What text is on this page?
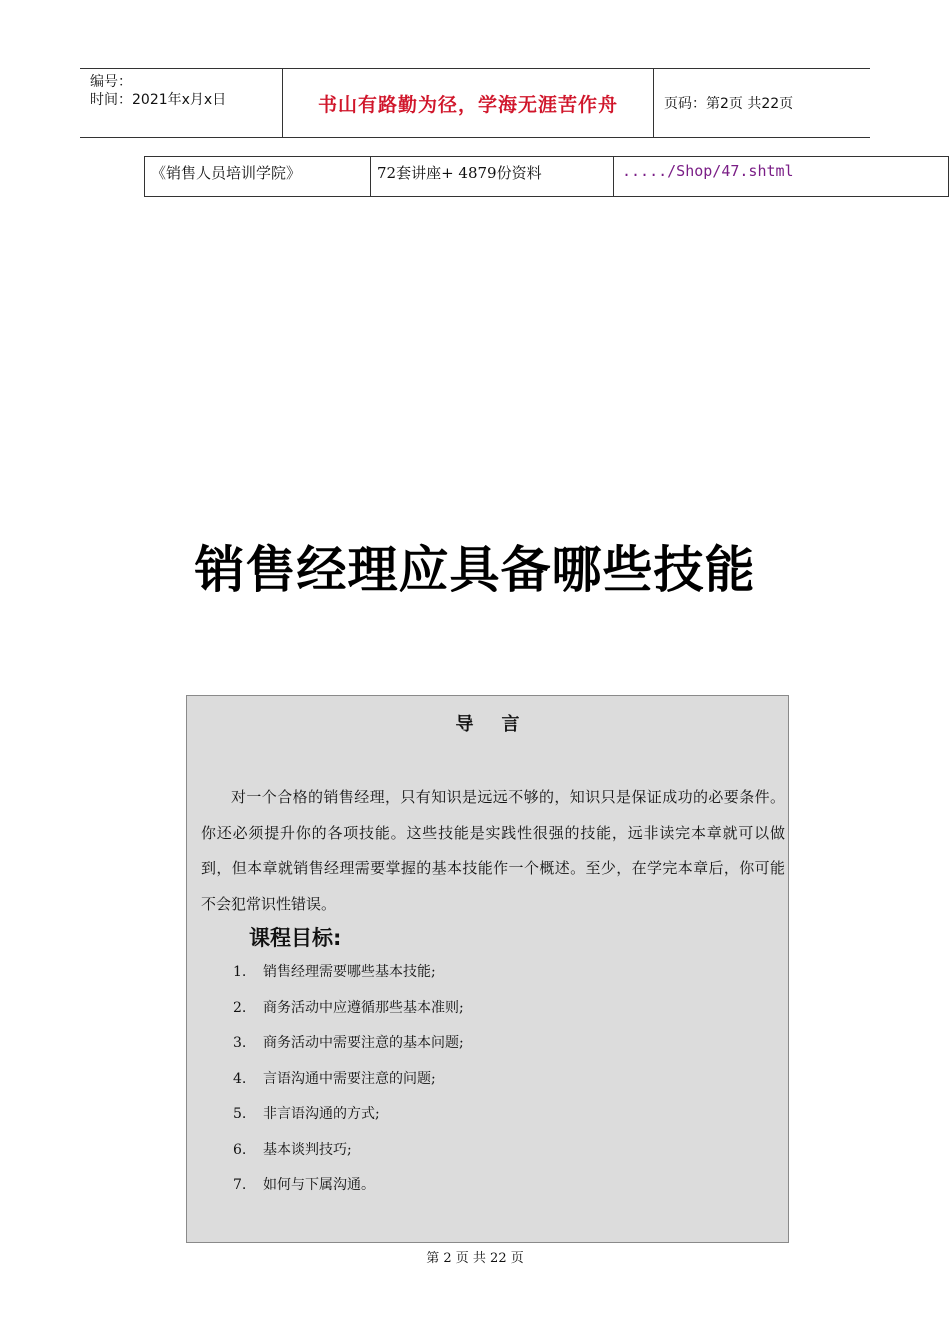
编号：
时间：2021年x月x日	书山有路勤为径，学海无涯苦作舟	页码：第2页 共22页
《销售人员培训学院》	72套讲座+ 4879份资料	...../Shop/47.shtml
销售经理应具备哪些技能
导言

对一个合格的销售经理，只有知识是远远不够的，知识只是保证成功的必要条件。你还必须提升你的各项技能。这些技能是实践性很强的技能，远非读完本章就可以做到，但本章就销售经理需要掌握的基本技能作一个概述。至少，在学完本章后，你可能不会犯常识性错误。

课程目标:
1.	销售经理需要哪些基本技能;
2.	商务活动中应遵循那些基本准则;
3.	商务活动中需要注意的基本问题;
4.	言语沟通中需要注意的问题;
5.	非言语沟通的方式;
6.	基本谈判技巧;
7.	如何与下属沟通。
第 2 页 共 22 页
